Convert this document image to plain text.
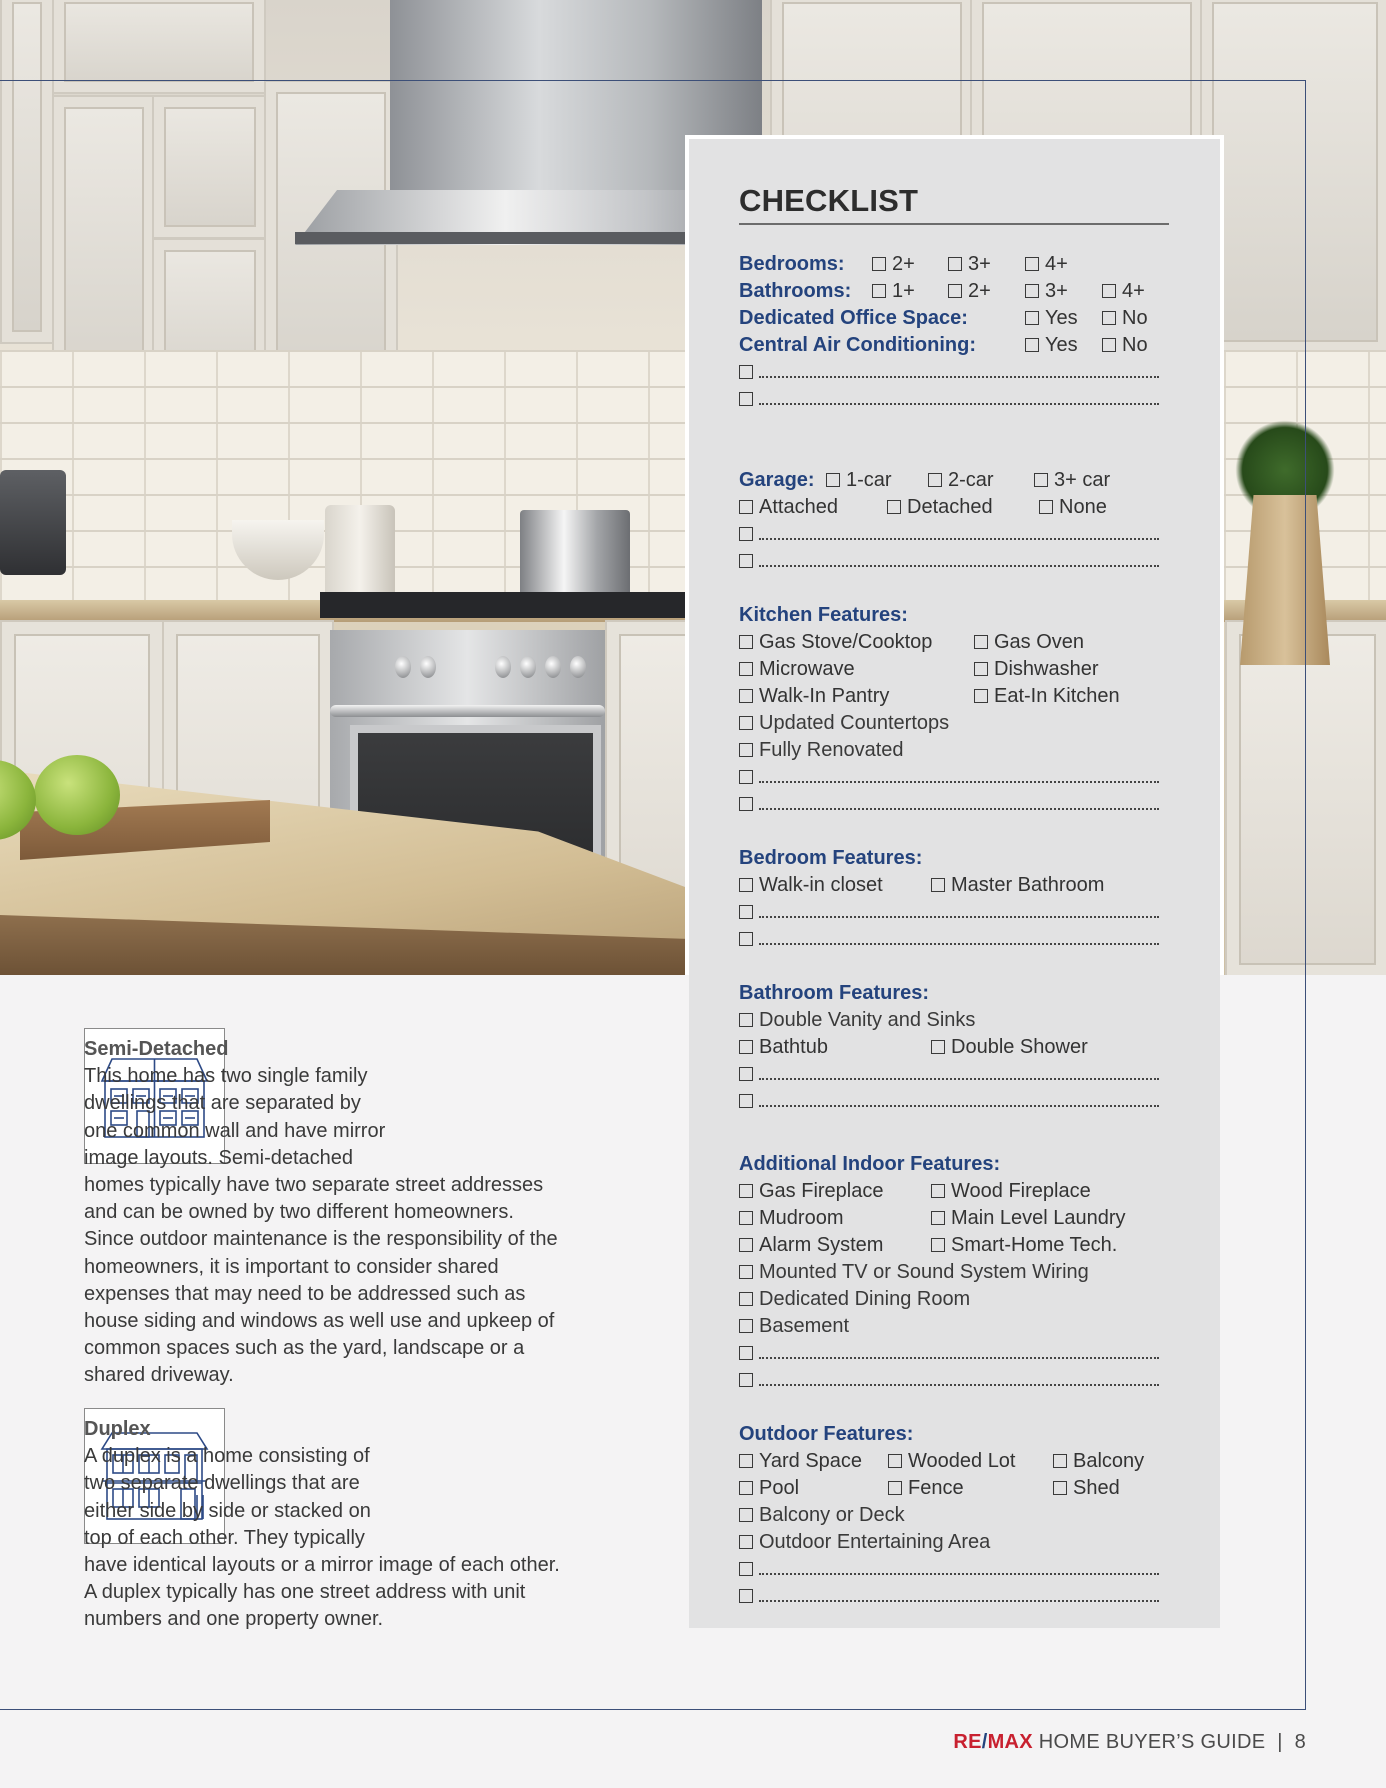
CHECKLIST
Bedrooms:	2+	3+	4+
Bathrooms:	1+	2+	3+	4+
Dedicated Office Space:	Yes	No
Central Air Conditioning:	Yes	No
Garage:	1-car	2-car	3+ car
Attached	Detached	None
Kitchen Features:
Gas Stove/Cooktop	Gas Oven
Microwave	Dishwasher
Walk-In Pantry	Eat-In Kitchen
Updated Countertops
Fully Renovated
Bedroom Features:
Walk-in closet	Master Bathroom
Bathroom Features:
Double Vanity and Sinks
Bathtub	Double Shower
Additional Indoor Features:
Gas Fireplace	Wood Fireplace
Mudroom	Main Level Laundry
Alarm System	Smart-Home Tech.
Mounted TV or Sound System Wiring
Dedicated Dining Room
Basement
Outdoor Features:
Yard Space	Wooded Lot	Balcony
Pool	Fence	Shed
Balcony or Deck
Outdoor Entertaining Area
Semi-Detached

This home has two single family

dwellings that are separated by

one common wall and have mirror

image layouts. Semi-detached

homes typically have two separate street addresses

and can be owned by two different homeowners.

Since outdoor maintenance is the responsibility of the

homeowners, it is important to consider shared

expenses that may need to be addressed such as

house siding and windows as well use and upkeep of

common spaces such as the yard, landscape or a

shared driveway.

Duplex

A duplex is a home consisting of

two separate dwellings that are

either side by side or stacked on

top of each other. They typically

have identical layouts or a mirror image of each other.

A duplex typically has one street address with unit

numbers and one property owner.

RE/MAX HOME BUYER’S GUIDE | 8
